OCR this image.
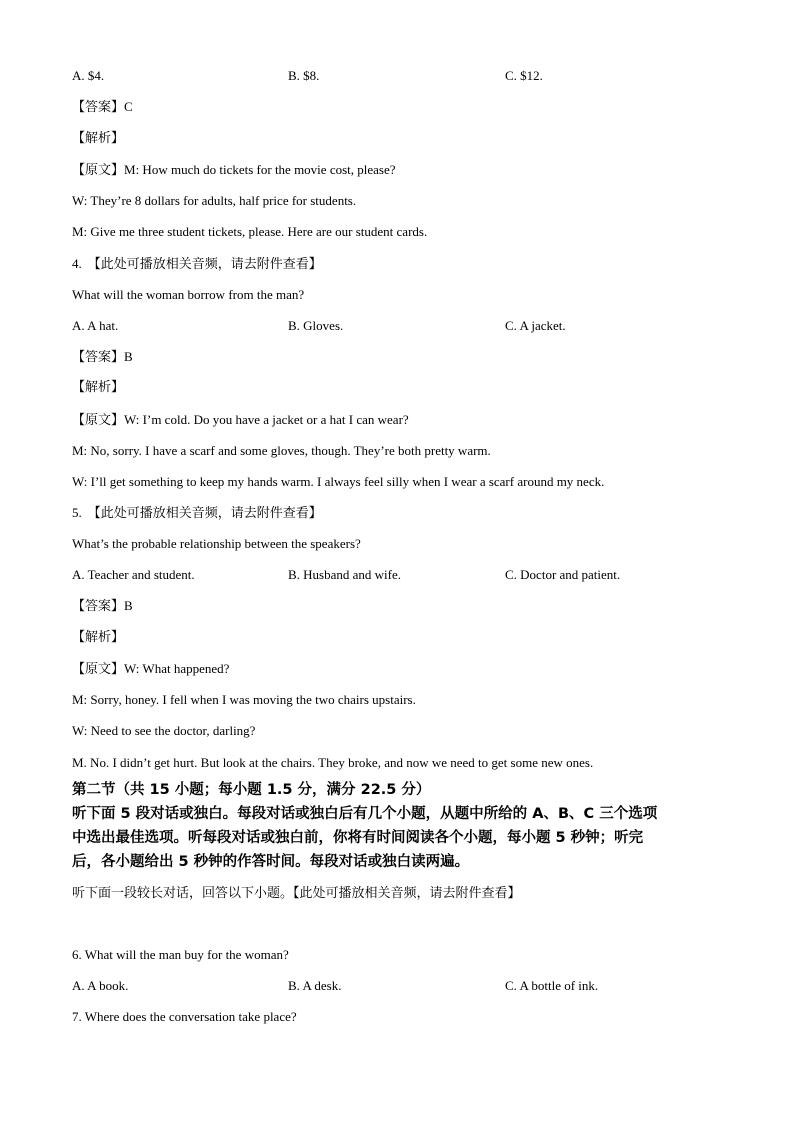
A. $4.	B. $8.	C. $12.
【答案】C
【解析】
【原文】M: How much do tickets for the movie cost, please?
W: They’re 8 dollars for adults, half price for students.
M: Give me three student tickets, please. Here are our student cards.
4. 【此处可播放相关音频，请去附件查看】
What will the woman borrow from the man?
A. A hat.	B. Gloves.	C. A jacket.
【答案】B
【解析】
【原文】W: I’m cold. Do you have a jacket or a hat I can wear?
M: No, sorry. I have a scarf and some gloves, though. They’re both pretty warm.
W: I’ll get something to keep my hands warm. I always feel silly when I wear a scarf around my neck.
5. 【此处可播放相关音频，请去附件查看】
What’s the probable relationship between the speakers?
A. Teacher and student.	B. Husband and wife.	C. Doctor and patient.
【答案】B
【解析】
【原文】W: What happened?
M: Sorry, honey. I fell when I was moving the two chairs upstairs.
W: Need to see the doctor, darling?
M. No. I didn’t get hurt. But look at the chairs. They broke, and now we need to get some new ones.

第二节（共 15 小题；每小题 1.5 分，满分 22.5 分）

听下面 5 段对话或独白。每段对话或独白后有几个小题，从题中所给的 A、B、C 三个选项

中选出最佳选项。听每段对话或独白前，你将有时间阅读各个小题，每小题 5 秒钟；听完

后，各小题给出 5 秒钟的作答时间。每段对话或独白读两遍。

听下面一段较长对话，回答以下小题。【此处可播放相关音频，请去附件查看】
6. What will the man buy for the woman?
A. A book.	B. A desk.	C. A bottle of ink.
7. Where does the conversation take place?
